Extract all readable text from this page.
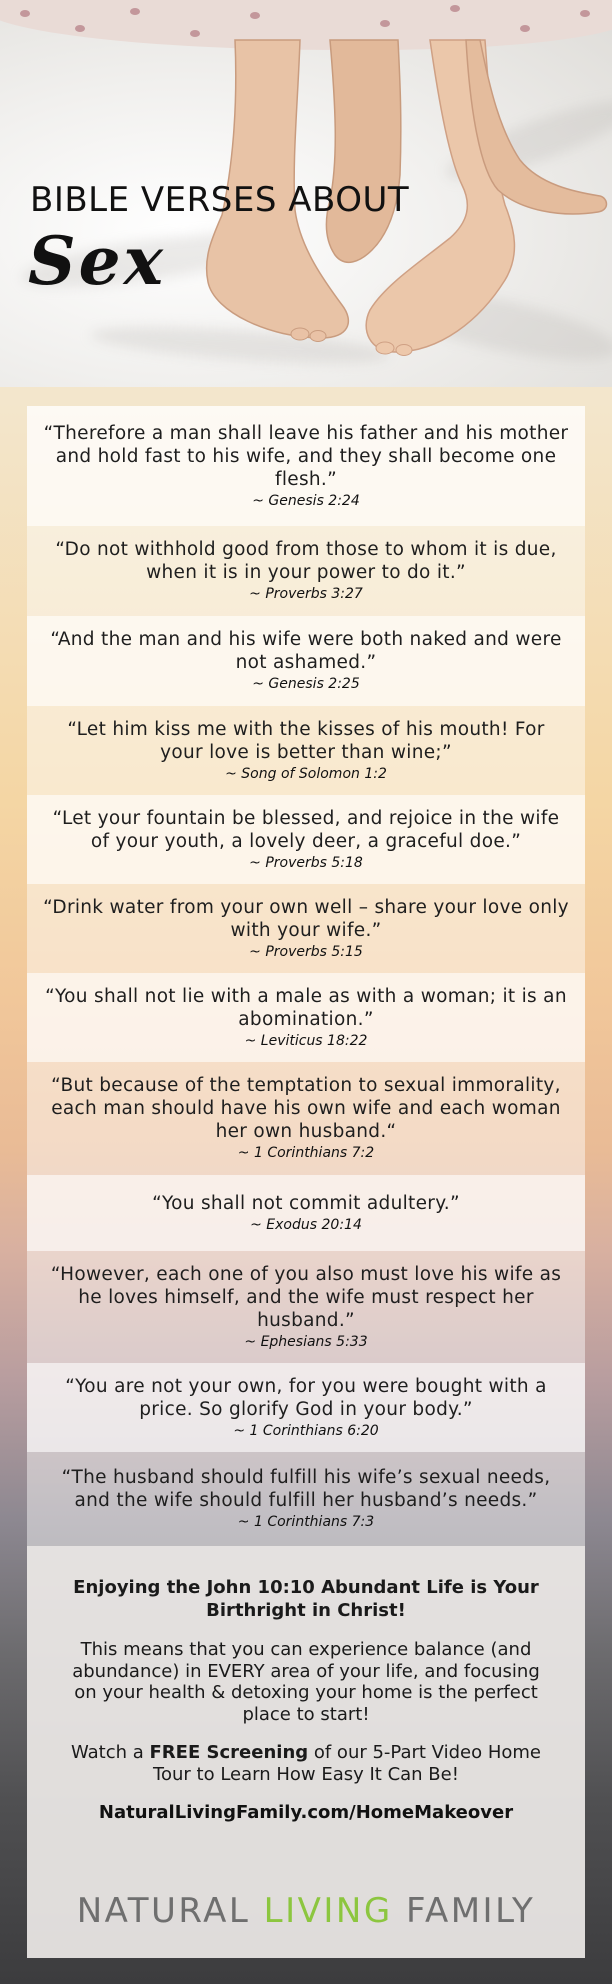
BIBLE VERSES ABOUT
Sex
“Therefore a man shall leave his father and his mother and hold fast to his wife, and they shall become one flesh.”
~ Genesis 2:24
“Do not withhold good from those to whom it is due, when it is in your power to do it.”
~ Proverbs 3:27
“And the man and his wife were both naked and were not ashamed.”
~ Genesis 2:25
“Let him kiss me with the kisses of his mouth! For your love is better than wine;”
~ Song of Solomon 1:2
“Let your fountain be blessed, and rejoice in the wife of your youth, a lovely deer, a graceful doe.”
~ Proverbs 5:18
“Drink water from your own well – share your love only with your wife.”
~ Proverbs 5:15
“You shall not lie with a male as with a woman; it is an abomination.”
~ Leviticus 18:22
“But because of the temptation to sexual immorality, each man should have his own wife and each woman her own husband.“
~ 1 Corinthians 7:2
“You shall not commit adultery.”
~ Exodus 20:14
“However, each one of you also must love his wife as he loves himself, and the wife must respect her husband.”
~ Ephesians 5:33
“You are not your own, for you were bought with a price. So glorify God in your body.”
~ 1 Corinthians 6:20
“The husband should fulfill his wife’s sexual needs, and the wife should fulfill her husband’s needs.”
~ 1 Corinthians 7:3
Enjoying the John 10:10 Abundant Life is Your Birthright in Christ!
This means that you can experience balance (and abundance) in EVERY area of your life, and focusing on your health & detoxing your home is the perfect place to start!
Watch a FREE Screening of our 5-Part Video Home Tour to Learn How Easy It Can Be!
NaturalLivingFamily.com/HomeMakeover
NATURAL LIVING FAMILY
